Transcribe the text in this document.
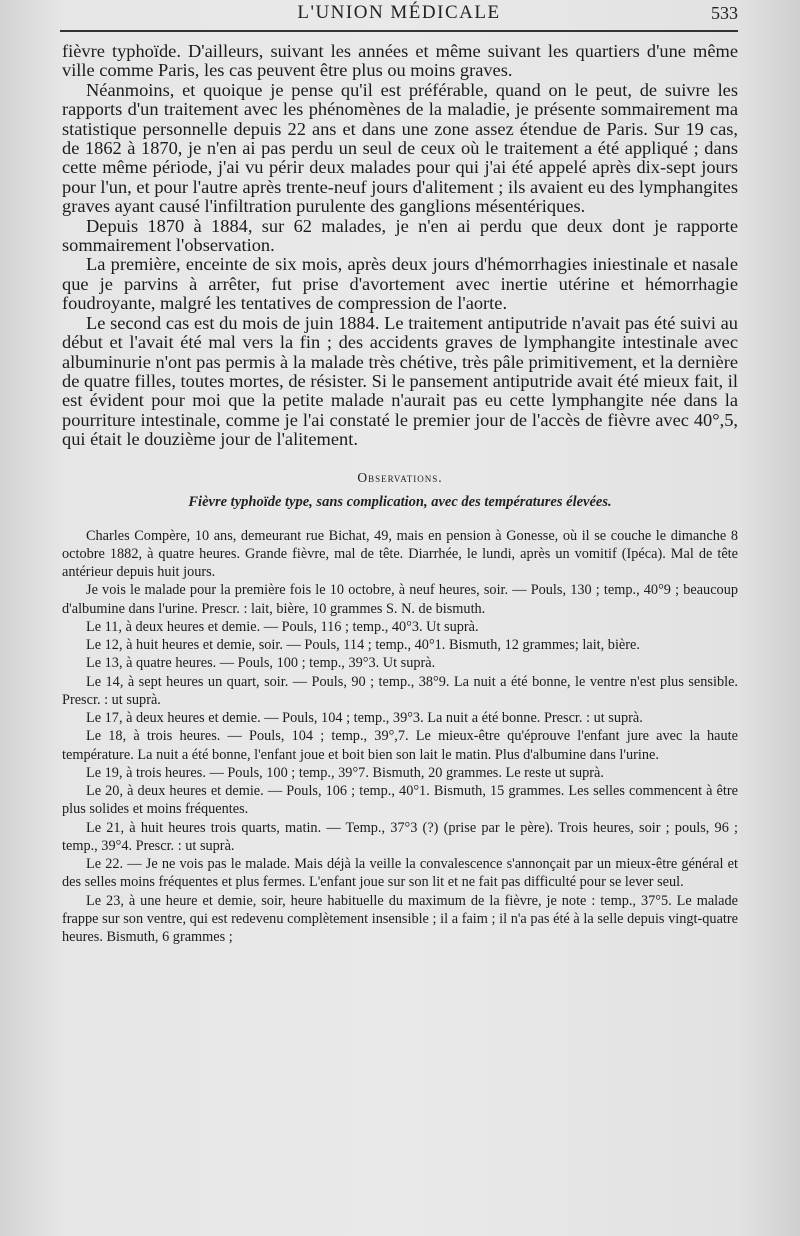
L'UNION MÉDICALE	533

fièvre typhoïde. D'ailleurs, suivant les années et même suivant les quartiers d'une même ville comme Paris, les cas peuvent être plus ou moins graves.

Néanmoins, et quoique je pense qu'il est préférable, quand on le peut, de suivre les rapports d'un traitement avec les phénomènes de la maladie, je présente sommairement ma statistique personnelle depuis 22 ans et dans une zone assez étendue de Paris. Sur 19 cas, de 1862 à 1870, je n'en ai pas perdu un seul de ceux où le traitement a été appliqué ; dans cette même période, j'ai vu périr deux malades pour qui j'ai été appelé après dix-sept jours pour l'un, et pour l'autre après trente-neuf jours d'alitement ; ils avaient eu des lymphangites graves ayant causé l'infiltration purulente des ganglions mésentériques.

Depuis 1870 à 1884, sur 62 malades, je n'en ai perdu que deux dont je rapporte sommairement l'observation.

La première, enceinte de six mois, après deux jours d'hémorrhagies iniestinale et nasale que je parvins à arrêter, fut prise d'avortement avec inertie utérine et hémorrhagie foudroyante, malgré les tentatives de compression de l'aorte.

Le second cas est du mois de juin 1884. Le traitement antiputride n'avait pas été suivi au début et l'avait été mal vers la fin ; des accidents graves de lymphangite intestinale avec albuminurie n'ont pas permis à la malade très chétive, très pâle primitivement, et la dernière de quatre filles, toutes mortes, de résister. Si le pansement antiputride avait été mieux fait, il est évident pour moi que la petite malade n'aurait pas eu cette lymphangite née dans la pourriture intestinale, comme je l'ai constaté le premier jour de l'accès de fièvre avec 40°,5, qui était le douzième jour de l'alitement.

Observations.
Fièvre typhoïde type, sans complication, avec des températures élevées.

Charles Compère, 10 ans, demeurant rue Bichat, 49, mais en pension à Gonesse, où il se couche le dimanche 8 octobre 1882, à quatre heures. Grande fièvre, mal de tête. Diarrhée, le lundi, après un vomitif (Ipéca). Mal de tête antérieur depuis huit jours.

Je vois le malade pour la première fois le 10 octobre, à neuf heures, soir. — Pouls, 130 ; temp., 40°9 ; beaucoup d'albumine dans l'urine. Prescr. : lait, bière, 10 grammes S. N. de bismuth.

Le 11, à deux heures et demie. — Pouls, 116 ; temp., 40°3. Ut suprà.

Le 12, à huit heures et demie, soir. — Pouls, 114 ; temp., 40°1. Bismuth, 12 grammes; lait, bière.

Le 13, à quatre heures. — Pouls, 100 ; temp., 39°3. Ut suprà.

Le 14, à sept heures un quart, soir. — Pouls, 90 ; temp., 38°9. La nuit a été bonne, le ventre n'est plus sensible. Prescr. : ut suprà.

Le 17, à deux heures et demie. — Pouls, 104 ; temp., 39°3. La nuit a été bonne. Prescr. : ut suprà.

Le 18, à trois heures. — Pouls, 104 ; temp., 39°,7. Le mieux-être qu'éprouve l'enfant jure avec la haute température. La nuit a été bonne, l'enfant joue et boit bien son lait le matin. Plus d'albumine dans l'urine.

Le 19, à trois heures. — Pouls, 100 ; temp., 39°7. Bismuth, 20 grammes. Le reste ut suprà.

Le 20, à deux heures et demie. — Pouls, 106 ; temp., 40°1. Bismuth, 15 grammes. Les selles commencent à être plus solides et moins fréquentes.

Le 21, à huit heures trois quarts, matin. — Temp., 37°3 (?) (prise par le père). Trois heures, soir ; pouls, 96 ; temp., 39°4. Prescr. : ut suprà.

Le 22. — Je ne vois pas le malade. Mais déjà la veille la convalescence s'annonçait par un mieux-être général et des selles moins fréquentes et plus fermes. L'enfant joue sur son lit et ne fait pas difficulté pour se lever seul.

Le 23, à une heure et demie, soir, heure habituelle du maximum de la fièvre, je note : temp., 37°5. Le malade frappe sur son ventre, qui est redevenu complètement insensible ; il a faim ; il n'a pas été à la selle depuis vingt-quatre heures. Bismuth, 6 grammes ;
